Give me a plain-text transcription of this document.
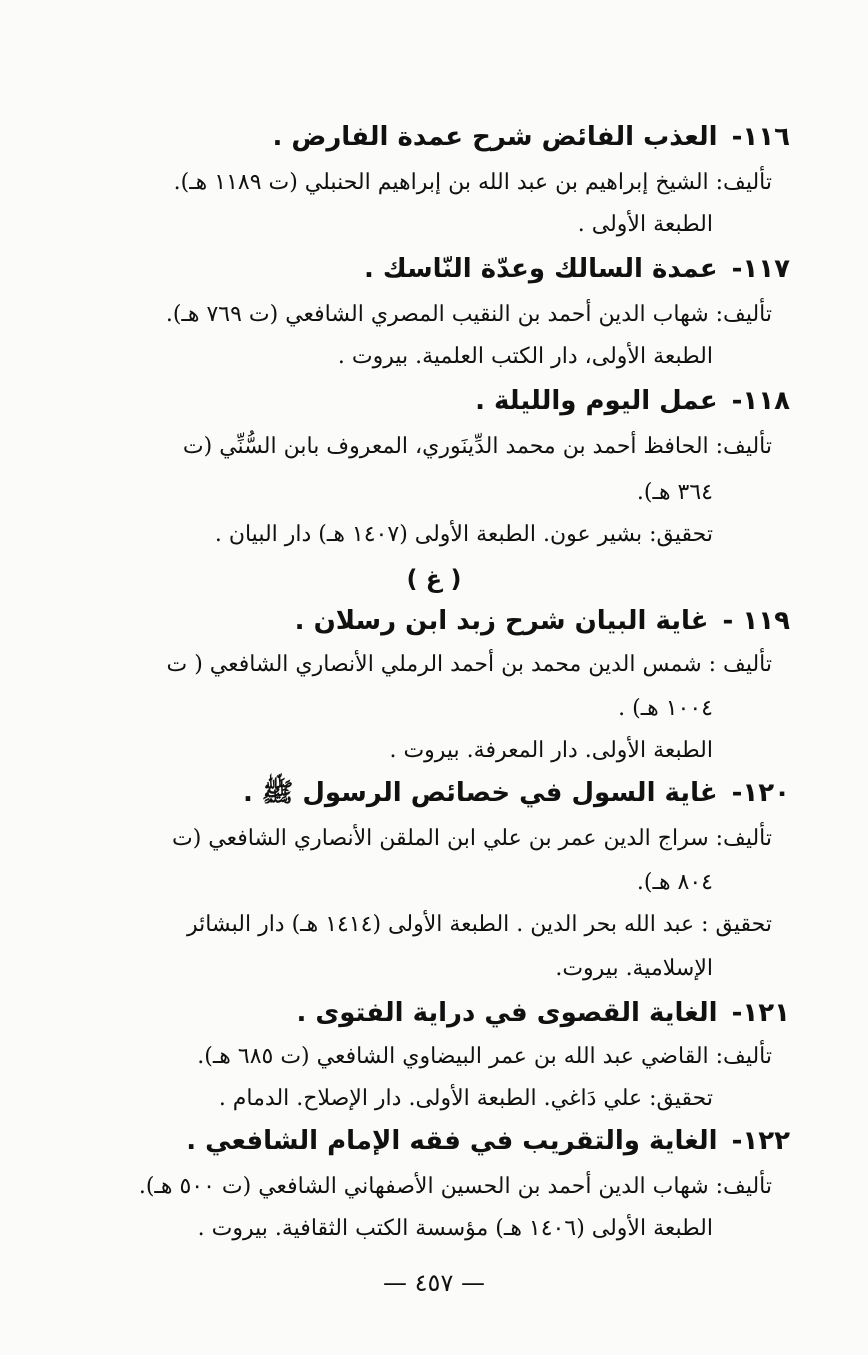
١١٦-العذب الفائض شرح عمدة الفارض .
تأليف: الشيخ إبراهيم بن عبد الله بن إبراهيم الحنبلي (ت ١١٨٩ هـ).
الطبعة الأولى .
١١٧-عمدة السالك وعدّة النّاسك .
تأليف: شهاب الدين أحمد بن النقيب المصري الشافعي (ت ٧٦٩ هـ).
الطبعة الأولى، دار الكتب العلمية. بيروت .
١١٨-عمل اليوم والليلة .
تأليف: الحافظ أحمد بن محمد الدِّينَوري، المعروف بابن السُّنِّي (ت
٣٦٤ هـ).
تحقيق: بشير عون. الطبعة الأولى (١٤٠٧ هـ) دار البيان .
( غ )
١١٩ -غاية البيان شرح زبد ابن رسلان .
تأليف : شمس الدين محمد بن أحمد الرملي الأنصاري الشافعي ( ت
١٠٠٤ هـ) .
الطبعة الأولى. دار المعرفة. بيروت .
١٢٠-غاية السول في خصائص الرسول ﷺ .
تأليف: سراج الدين عمر بن علي ابن الملقن الأنصاري الشافعي (ت
٨٠٤ هـ).
تحقيق : عبد الله بحر الدين . الطبعة الأولى (١٤١٤ هـ) دار البشائر
الإسلامية. بيروت.
١٢١-الغاية القصوى في دراية الفتوى .
تأليف: القاضي عبد الله بن عمر البيضاوي الشافعي (ت ٦٨٥ هـ).
تحقيق: علي دَاغي. الطبعة الأولى. دار الإصلاح. الدمام .
١٢٢-الغاية والتقريب في فقه الإمام الشافعي .
تأليف: شهاب الدين أحمد بن الحسين الأصفهاني الشافعي (ت ٥٠٠ هـ).
الطبعة الأولى (١٤٠٦ هـ) مؤسسة الكتب الثقافية. بيروت .
— ٤٥٧ —
